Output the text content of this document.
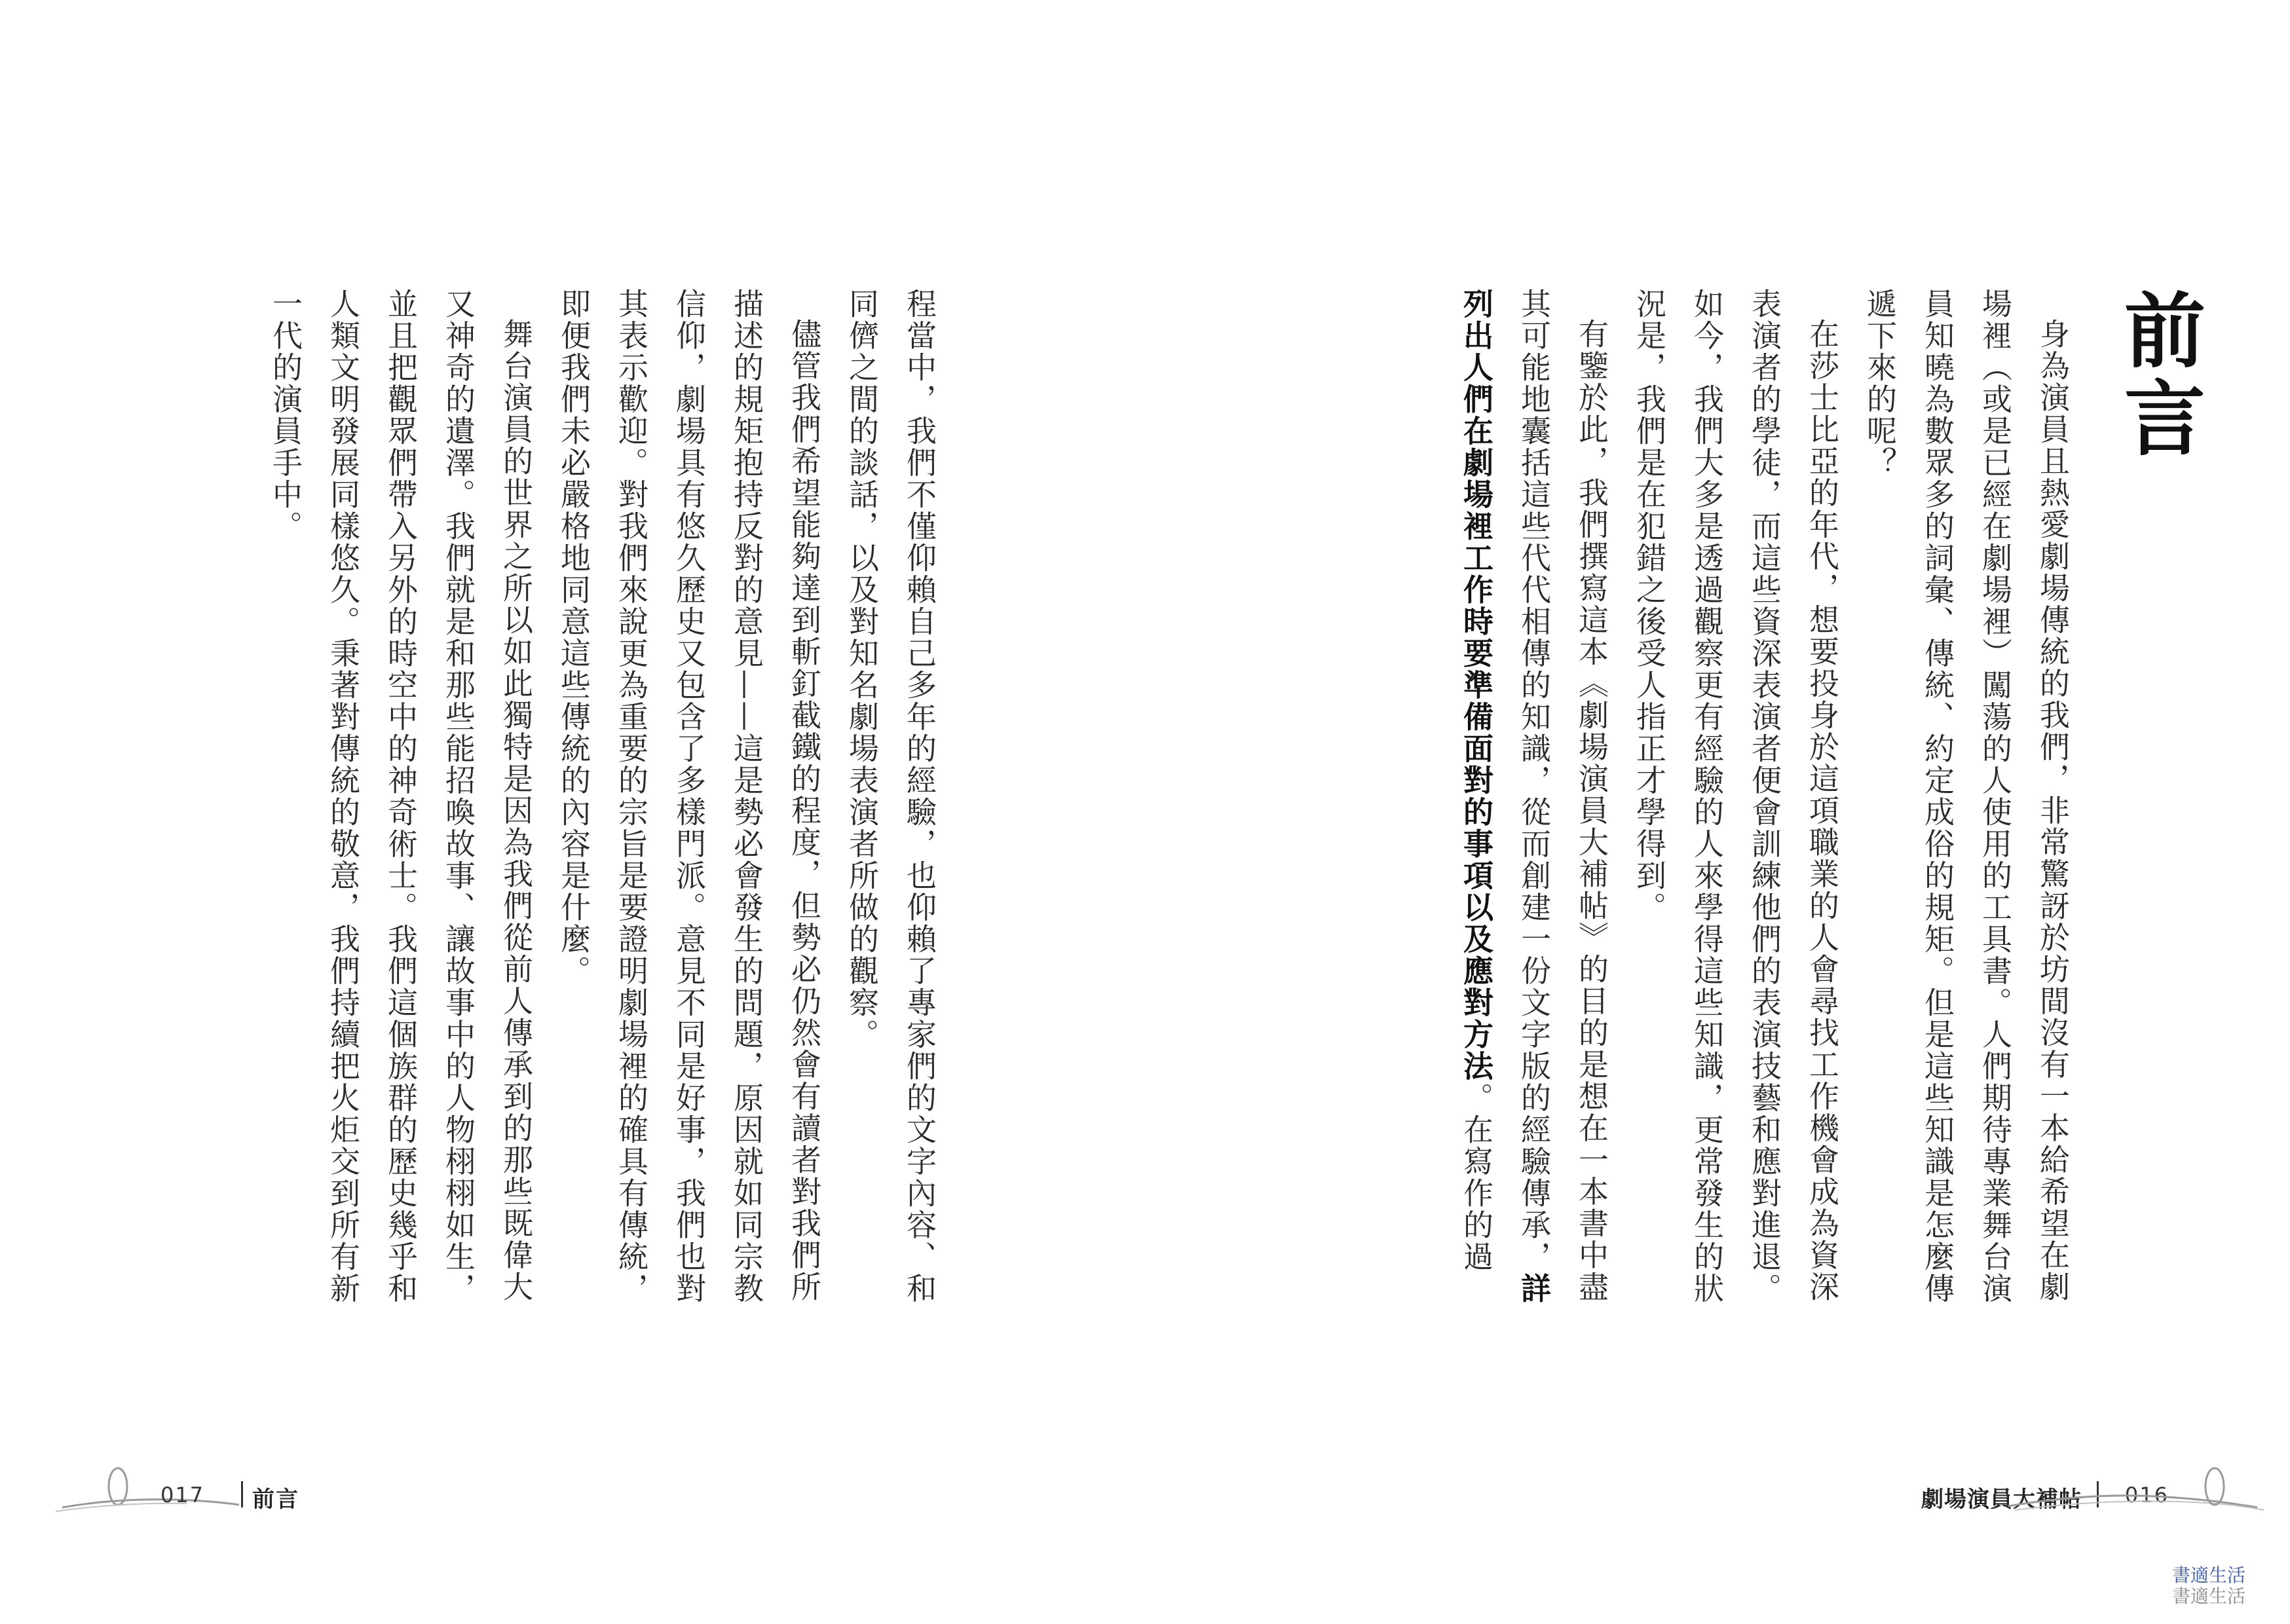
前言

身為演員且熱愛劇場傳統的我們，非常驚訝於坊間沒有一本給希望在劇場裡（或是已經在劇場裡）闖蕩的人使用的工具書。人們期待專業舞台演員知曉為數眾多的詞彙、傳統、約定成俗的規矩。但是這些知識是怎麼傳遞下來的呢？

在莎士比亞的年代，想要投身於這項職業的人會尋找工作機會成為資深表演者的學徒，而這些資深表演者便會訓練他們的表演技藝和應對進退。如今，我們大多是透過觀察更有經驗的人來學得這些知識，更常發生的狀況是，我們是在犯錯之後受人指正才學得到。

有鑒於此，我們撰寫這本《劇場演員大補帖》的目的是想在一本書中盡其可能地囊括這些代代相傳的知識，從而創建一份文字版的經驗傳承，詳列出人們在劇場裡工作時要準備面對的事項以及應對方法。在寫作的過

劇場演員大補帖 016

程當中，我們不僅仰賴自己多年的經驗，也仰賴了專家們的文字內容、和同儕之間的談話，以及對知名劇場表演者所做的觀察。

儘管我們希望能夠達到斬釘截鐵的程度，但勢必仍然會有讀者對我們所描述的規矩抱持反對的意見——這是勢必會發生的問題，原因就如同宗教信仰，劇場具有悠久歷史又包含了多樣門派。意見不同是好事，我們也對其表示歡迎。對我們來說更為重要的宗旨是要證明劇場裡的確具有傳統，即便我們未必嚴格地同意這些傳統的內容是什麼。

舞台演員的世界之所以如此獨特是因為我們從前人傳承到的那些既偉大又神奇的遺澤。我們就是和那些能招喚故事、讓故事中的人物栩栩如生，並且把觀眾們帶入另外的時空中的神奇術士。我們這個族群的歷史幾乎和人類文明發展同樣悠久。秉著對傳統的敬意，我們持續把火炬交到所有新一代的演員手中。

017 前言
書適生活
書適生活
